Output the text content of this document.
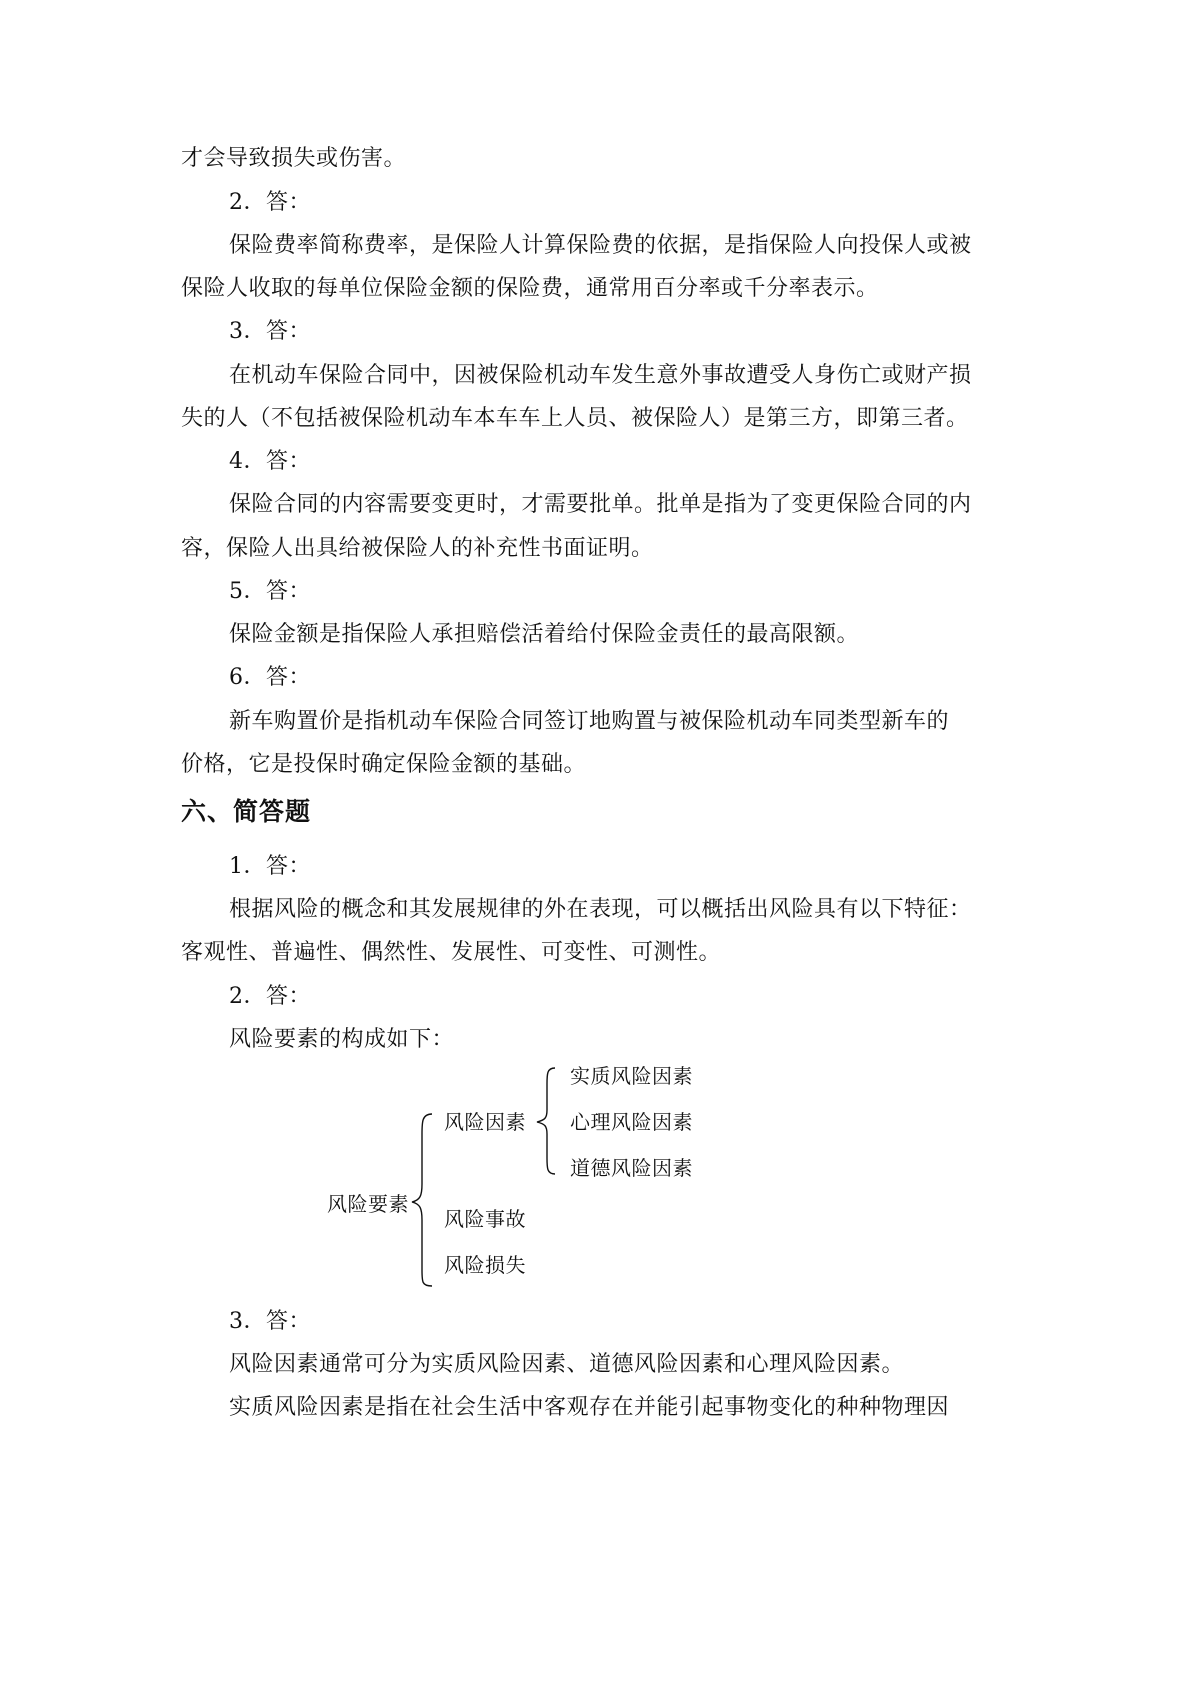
才会导致损失或伤害。
2．答：
保险费率简称费率，是保险人计算保险费的依据，是指保险人向投保人或被
保险人收取的每单位保险金额的保险费，通常用百分率或千分率表示。
3．答：
在机动车保险合同中，因被保险机动车发生意外事故遭受人身伤亡或财产损
失的人（不包括被保险机动车本车车上人员、被保险人）是第三方，即第三者。
4．答：
保险合同的内容需要变更时，才需要批单。批单是指为了变更保险合同的内
容，保险人出具给被保险人的补充性书面证明。
5．答：
保险金额是指保险人承担赔偿活着给付保险金责任的最高限额。
6．答：
新车购置价是指机动车保险合同签订地购置与被保险机动车同类型新车的
价格，它是投保时确定保险金额的基础。
六、简答题
1．答：
根据风险的概念和其发展规律的外在表现，可以概括出风险具有以下特征：
客观性、普遍性、偶然性、发展性、可变性、可测性。
2．答：
风险要素的构成如下：
风险要素
风险因素
风险事故
风险损失
实质风险因素
心理风险因素
道德风险因素
3．答：
风险因素通常可分为实质风险因素、道德风险因素和心理风险因素。
实质风险因素是指在社会生活中客观存在并能引起事物变化的种种物理因
